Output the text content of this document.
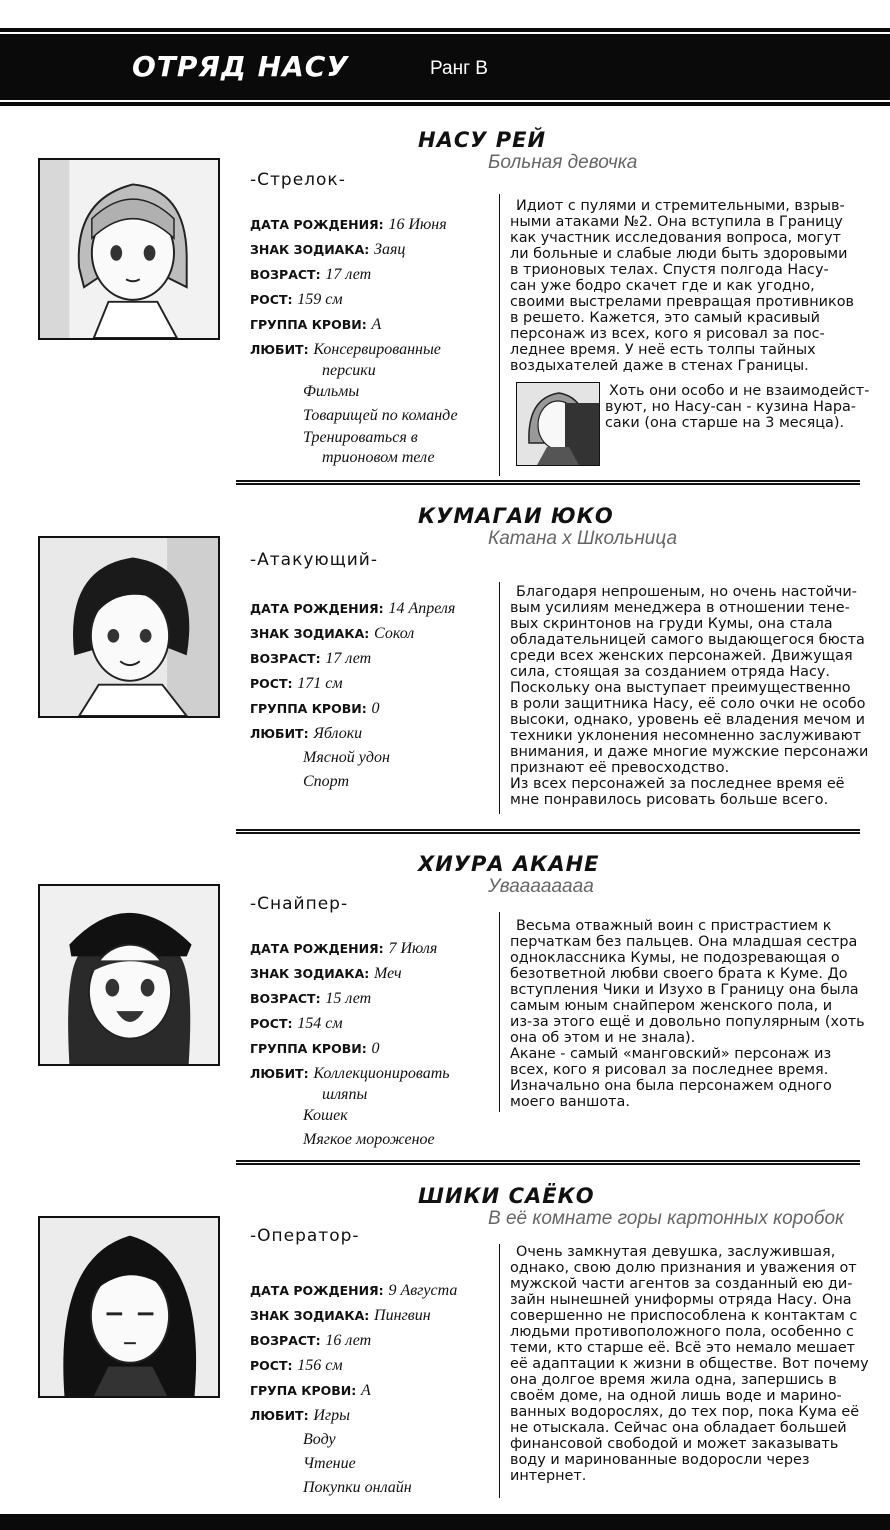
ОТРЯД НАСУ	Ранг B
НАСУ РЕЙ
Больная девочка
-Стрелок-
ДАТА РОЖДЕНИЯ: 16 Июня
ЗНАК ЗОДИАКА: Заяц
ВОЗРАСТ: 17 лет
РОСТ: 159 см
ГРУППА КРОВИ: А
ЛЮБИТ: Консервированные
персики
Фильмы
Товарищей по команде
Тренироваться в
трионовом теле
Идиот с пулями и стремительными, взрыв-
ными атаками №2. Она вступила в Границу
как участник исследования вопроса, могут
ли больные и слабые люди быть здоровыми
в трионовых телах. Спустя полгода Насу-
сан уже бодро скачет где и как угодно,
своими выстрелами превращая противников
в решето. Кажется, это самый красивый
персонаж из всех, кого я рисовал за пос-
леднее время. У неё есть толпы тайных
воздыхателей даже в стенах Границы.
Хоть они особо и не взаимодейст-
вуют, но Насу-сан - кузина Нара-
саки (она старше на 3 месяца).
КУМАГАИ ЮКО
Катана х Школьница
-Атакующий-
ДАТА РОЖДЕНИЯ: 14 Апреля
ЗНАК ЗОДИАКА: Сокол
ВОЗРАСТ: 17 лет
РОСТ: 171 см
ГРУППА КРОВИ: 0
ЛЮБИТ: Яблоки
Мясной удон
Спорт
Благодаря непрошеным, но очень настойчи-
вым усилиям менеджера в отношении тене-
вых скринтонов на груди Кумы, она стала
обладательницей самого выдающегося бюста
среди всех женских персонажей. Движущая
сила, стоящая за созданием отряда Насу.
Поскольку она выступает преимущественно
в роли защитника Насу, её соло очки не особо
высоки, однако, уровень её владения мечом и
техники уклонения несомненно заслуживают
внимания, и даже многие мужские персонажи
признают её превосходство.
Из всех персонажей за последнее время её
мне понравилось рисовать больше всего.
ХИУРА АКАНЕ
Уваааааааа
-Снайпер-
ДАТА РОЖДЕНИЯ: 7 Июля
ЗНАК ЗОДИАКА: Меч
ВОЗРАСТ: 15 лет
РОСТ: 154 см
ГРУППА КРОВИ: 0
ЛЮБИТ: Коллекционировать
шляпы
Кошек
Мягкое мороженое
Весьма отважный воин с пристрастием к
перчаткам без пальцев. Она младшая сестра
одноклассника Кумы, не подозревающая о
безответной любви своего брата к Куме. До
вступления Чики и Изухо в Границу она была
самым юным снайпером женского пола, и
из-за этого ещё и довольно популярным (хоть
она об этом и не знала).
Акане - самый «манговский» персонаж из
всех, кого я рисовал за последнее время.
Изначально она была персонажем одного
моего ваншота.
ШИКИ САЁКО
В её комнате горы картонных коробок
-Оператор-
ДАТА РОЖДЕНИЯ: 9 Августа
ЗНАК ЗОДИАКА: Пингвин
ВОЗРАСТ: 16 лет
РОСТ: 156 см
ГРУПА КРОВИ: А
ЛЮБИТ: Игры
Воду
Чтение
Покупки онлайн
Очень замкнутая девушка, заслужившая,
однако, свою долю признания и уважения от
мужской части агентов за созданный ею ди-
зайн нынешней униформы отряда Насу. Она
совершенно не приспособлена к контактам с
людьми противоположного пола, особенно с
теми, кто старше её. Всё это немало мешает
её адаптации к жизни в обществе. Вот почему
она долгое время жила одна, запершись в
своём доме, на одной лишь воде и марино-
ванных водорослях, до тех пор, пока Кума её
не отыскала. Сейчас она обладает большей
финансовой свободой и может заказывать
воду и маринованные водоросли через
интернет.
